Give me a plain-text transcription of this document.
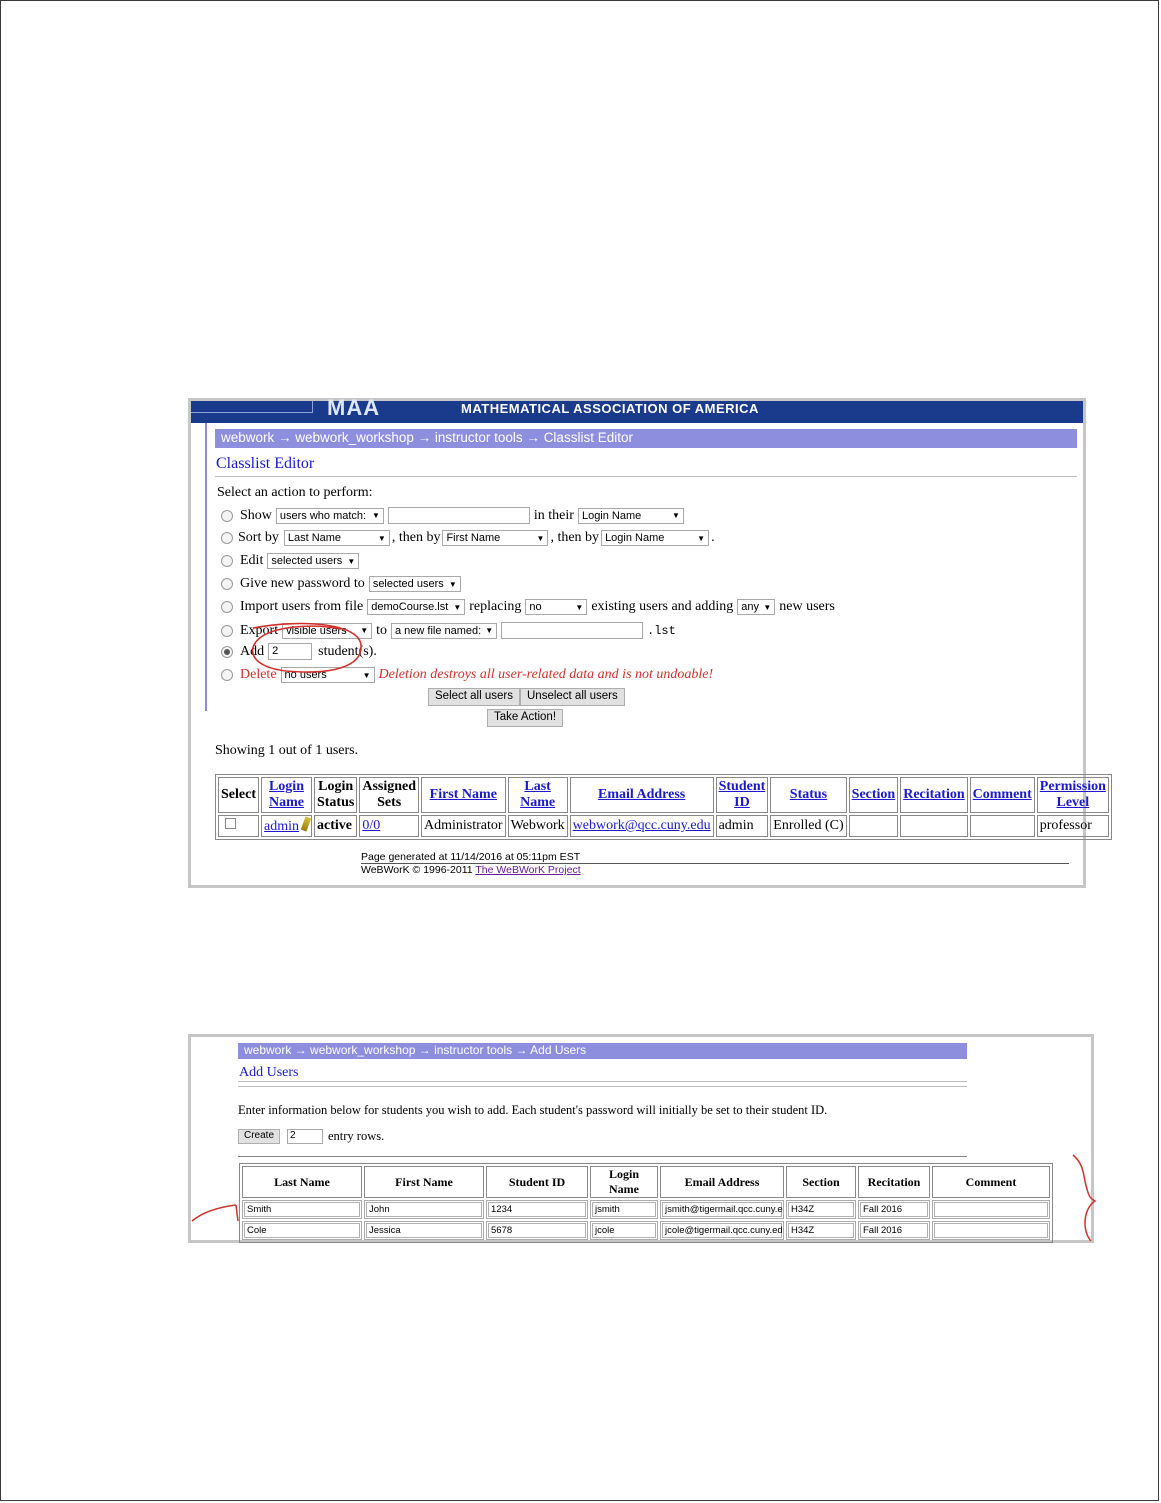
MAA	MATHEMATICAL ASSOCIATION OF AMERICA
webwork → webwork_workshop → instructor tools → Classlist Editor
Classlist Editor
Select an action to perform:
Show users who match: ▼	in their Login Name	▼
Sort by Last Name	▼ , then by First Name	▼ , then by Login Name	▼ .
Edit selected users ▼
Give new password to selected users ▼
Import users from file demoCourse.lst ▼ replacing no	▼ existing users and adding any ▼ new users
Export visible users ▼ to a new file named: ▼	.lst
Add 2	student(s).
Delete no users	▼ Deletion destroys all user-related data and is not undoable!
Select all users	Unselect all users
Take Action!
Showing 1 out of 1 users.
Select	Login Name	Login Status	Assigned Sets	First Name	Last Name	Email Address	Student ID	Status	Section	Recitation	Comment	Permission Level
	admin	active	0/0	Administrator	Webwork	webwork@qcc.cuny.edu	admin	Enrolled (C)				professor
Page generated at 11/14/2016 at 05:11pm EST
WeBWorK © 1996-2011 The WeBWorK Project
webwork → webwork_workshop → instructor tools → Add Users
Add Users
Enter information below for students you wish to add. Each student's password will initially be set to their student ID.
Create	2	entry rows.
Last Name	First Name	Student ID	Login Name	Email Address	Section	Recitation	Comment

Smith	John	1234	jsmith	jsmith@tigermail.qcc.cuny.e	H34Z	Fall 2016	

Cole	Jessica	5678	jcole	jcole@tigermail.qcc.cuny.ed	H34Z	Fall 2016	
